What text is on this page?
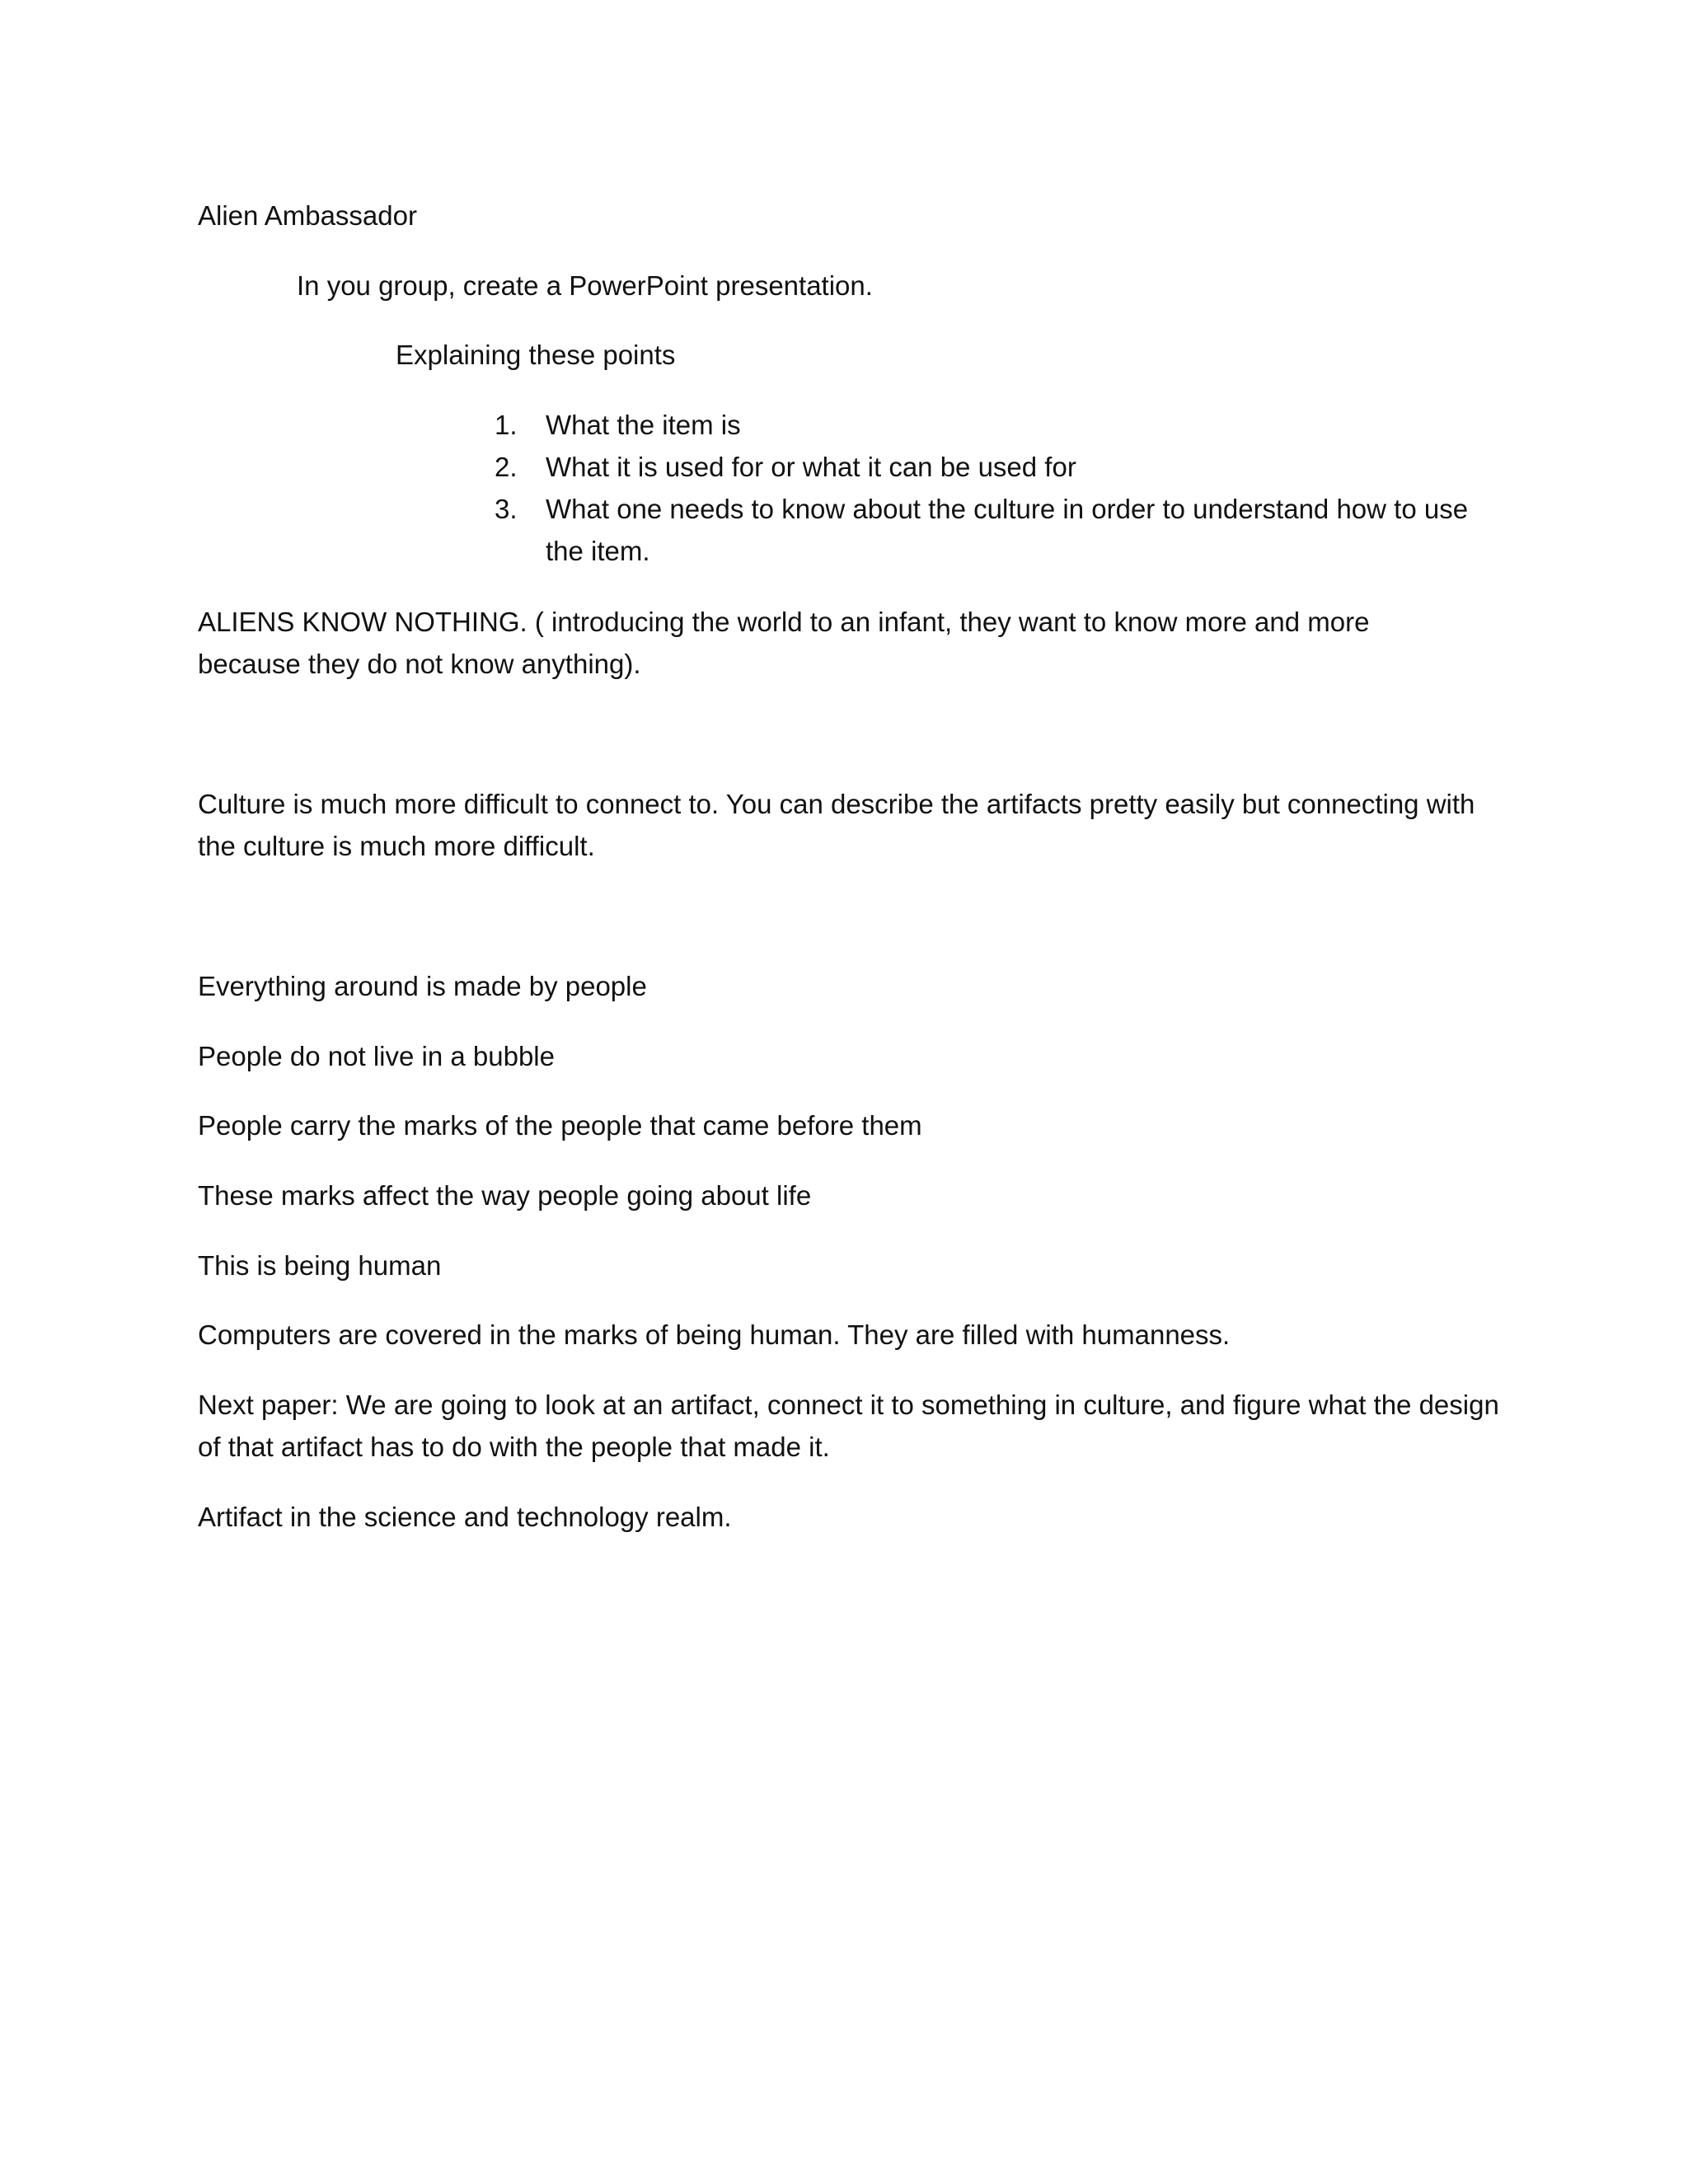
Alien Ambassador
In you group, create a PowerPoint presentation.
Explaining these points
1.	What the item is
2.	What it is used for or what it can be used for
3.	What one needs to know about the culture in order to understand how to use the item.
ALIENS KNOW NOTHING. ( introducing the world to an infant, they want to know more and more because they do not know anything).
Culture is much more difficult to connect to. You can describe the artifacts pretty easily but connecting with the culture is much more difficult.
Everything around is made by people
People do not live in a bubble
People carry the marks of the people that came before them
These marks affect the way people going about life
This is being human
Computers are covered in the marks of being human. They are filled with humanness.
Next paper: We are going to look at an artifact, connect it to something in culture, and figure what the design of that artifact has to do with the people that made it.
Artifact in the science and technology realm.
